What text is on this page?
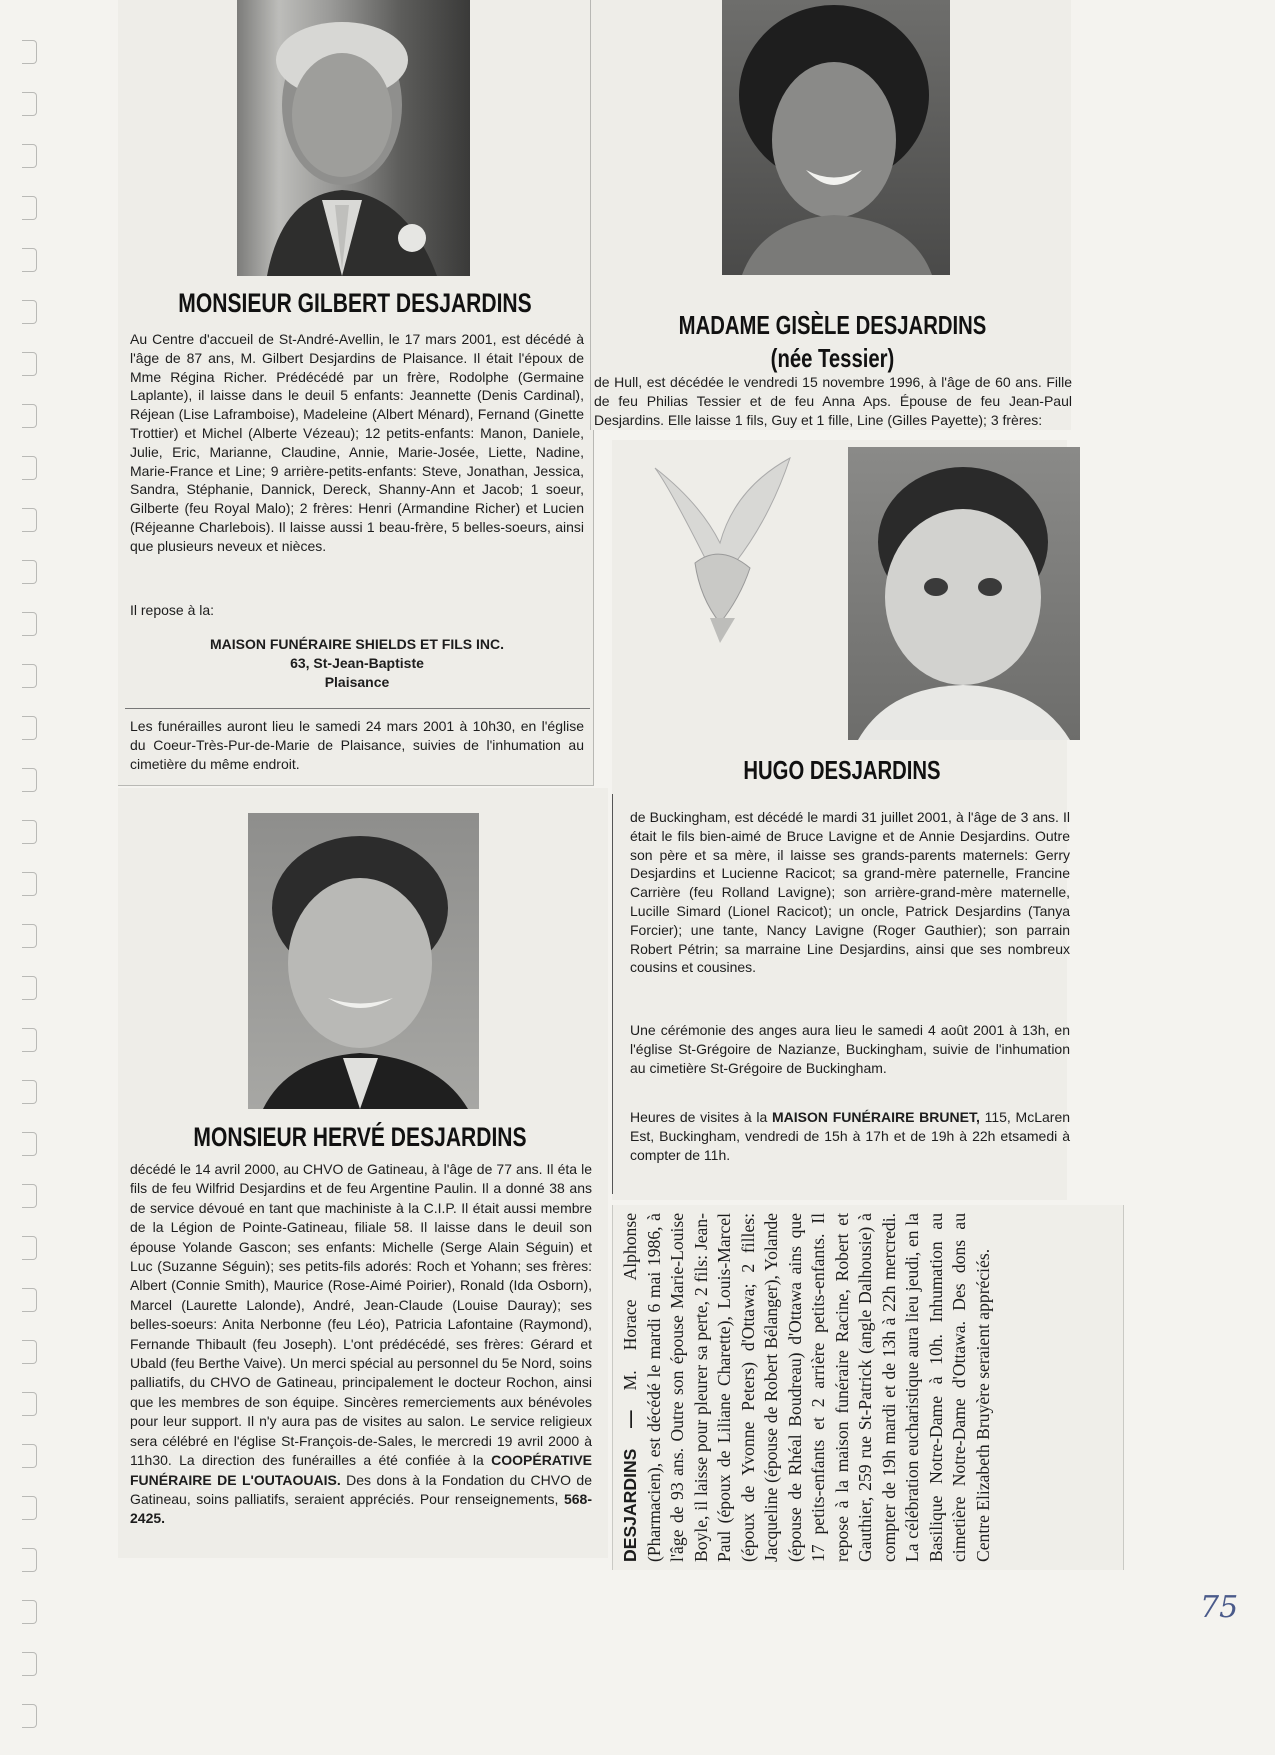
MONSIEUR GILBERT DESJARDINS
Au Centre d'accueil de St-André-Avellin, le 17 mars 2001, est décédé à l'âge de 87 ans, M. Gilbert Desjardins de Plaisance. Il était l'époux de Mme Régina Richer. Prédécédé par un frère, Rodolphe (Germaine Laplante), il laisse dans le deuil 5 enfants: Jeannette (Denis Cardinal), Réjean (Lise Laframboise), Madeleine (Albert Ménard), Fernand (Ginette Trottier) et Michel (Alberte Vézeau); 12 petits-enfants: Manon, Daniele, Julie, Eric, Marianne, Claudine, Annie, Marie-Josée, Liette, Nadine, Marie-France et Line; 9 arrière-petits-enfants: Steve, Jonathan, Jessica, Sandra, Stéphanie, Dannick, Dereck, Shanny-Ann et Jacob; 1 soeur, Gilberte (feu Royal Malo); 2 frères: Henri (Armandine Richer) et Lucien (Réjeanne Charlebois). Il laisse aussi 1 beau-frère, 5 belles-soeurs, ainsi que plusieurs neveux et nièces.
Il repose à la:
MAISON FUNÉRAIRE SHIELDS ET FILS INC.
63, St-Jean-Baptiste
Plaisance
Les funérailles auront lieu le samedi 24 mars 2001 à 10h30, en l'église du Coeur-Très-Pur-de-Marie de Plaisance, suivies de l'inhumation au cimetière du même endroit.
MADAME GISÈLE DESJARDINS
(née Tessier)
de Hull, est décédée le vendredi 15 novembre 1996, à l'âge de 60 ans. Fille de feu Philias Tessier et de feu Anna Aps. Épouse de feu Jean-Paul Desjardins. Elle laisse 1 fils, Guy et 1 fille, Line (Gilles Payette); 3 frères:
HUGO DESJARDINS
de Buckingham, est décédé le mardi 31 juillet 2001, à l'âge de 3 ans. Il était le fils bien-aimé de Bruce Lavigne et de Annie Desjardins. Outre son père et sa mère, il laisse ses grands-parents maternels: Gerry Desjardins et Lucienne Racicot; sa grand-mère paternelle, Francine Carrière (feu Rolland Lavigne); son arrière-grand-mère maternelle, Lucille Simard (Lionel Racicot); un oncle, Patrick Desjardins (Tanya Forcier); une tante, Nancy Lavigne (Roger Gauthier); son parrain Robert Pétrin; sa marraine Line Desjardins, ainsi que ses nombreux cousins et cousines.
Une cérémonie des anges aura lieu le samedi 4 août 2001 à 13h, en l'église St-Grégoire de Nazianze, Buckingham, suivie de l'inhumation au cimetière St-Grégoire de Buckingham.
Heures de visites à la MAISON FUNÉRAIRE BRUNET, 115, McLaren Est, Buckingham, vendredi de 15h à 17h et de 19h à 22h etsamedi à compter de 11h.
MONSIEUR HERVÉ DESJARDINS
décédé le 14 avril 2000, au CHVO de Gatineau, à l'âge de 77 ans. Il éta le fils de feu Wilfrid Desjardins et de feu Argentine Paulin. Il a donné 38 ans de service dévoué en tant que machiniste à la C.I.P. Il était aussi membre de la Légion de Pointe-Gatineau, filiale 58. Il laisse dans le deuil son épouse Yolande Gascon; ses enfants: Michelle (Serge Alain Séguin) et Luc (Suzanne Séguin); ses petits-fils adorés: Roch et Yohann; ses frères: Albert (Connie Smith), Maurice (Rose-Aimé Poirier), Ronald (Ida Osborn), Marcel (Laurette Lalonde), André, Jean-Claude (Louise Dauray); ses belles-soeurs: Anita Nerbonne (feu Léo), Patricia Lafontaine (Raymond), Fernande Thibault (feu Joseph). L'ont prédécédé, ses frères: Gérard et Ubald (feu Berthe Vaive). Un merci spécial au personnel du 5e Nord, soins palliatifs, du CHVO de Gatineau, principalement le docteur Rochon, ainsi que les membres de son équipe. Sincères remerciements aux bénévoles pour leur support. Il n'y aura pas de visites au salon. Le service religieux sera célébré en l'église St-François-de-Sales, le mercredi 19 avril 2000 à 11h30. La direction des funérailles a été confiée à la COOPÉRATIVE FUNÉRAIRE DE L'OUTAOUAIS. Des dons à la Fondation du CHVO de Gatineau, soins palliatifs, seraient appréciés. Pour renseignements, 568-2425.	DESJARDINS — M. Horace Alphonse (Pharmacien), est décédé le mardi 6 mai 1986, à l'âge de 93 ans. Outre son épouse Marie-Louise Boyle, il laisse pour pleurer sa perte, 2 fils: Jean-Paul (époux de Liliane Charette), Louis-Marcel (époux de Yvonne Peters) d'Ottawa; 2 filles: Jacqueline (épouse de Robert Bélanger), Yolande (épouse de Rhéal Boudreau) d'Ottawa ains que 17 petits-enfants et 2 arrière petits-enfants. Il repose à la maison funéraire Racine, Robert et Gauthier, 259 rue St-Patrick (angle Dalhousie) à compter de 19h mardi et de 13h à 22h mercredi. La célébration eucharistique aura lieu jeudi, en la Basilique Notre-Dame à 10h. Inhumation au cimetière Notre-Dame d'Ottawa. Des dons au Centre Elizabeth Bruyère seraient appréciés.
75
